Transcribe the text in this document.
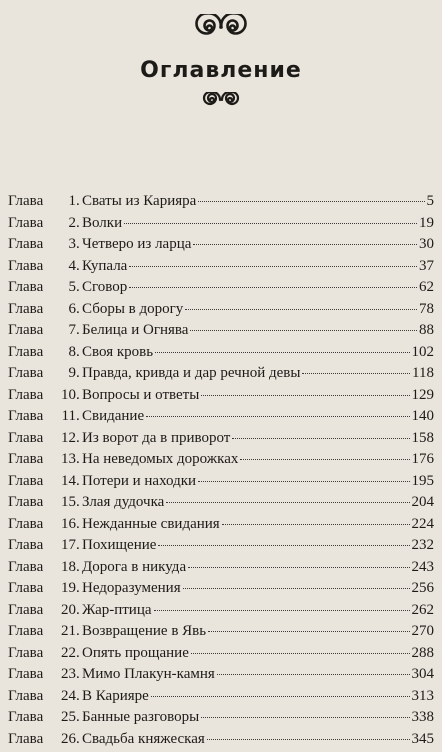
Оглавление
Глава	1 . Сваты из Карияра	5
Глава	2 . Волки	19
Глава	3 . Четверо из ларца	30
Глава	4 . Купала	37
Глава	5 . Сговор	62
Глава	6 . Сборы в дорогу	78
Глава	7 . Белица и Огнява	88
Глава	8 . Своя кровь	102
Глава	9 . Правда, кривда и дар речной девы	118
Глава	10 . Вопросы и ответы	129
Глава	11 . Свидание	140
Глава	12 . Из ворот да в приворот	158
Глава	13 . На неведомых дорожках	176
Глава	14 . Потери и находки	195
Глава	15 . Злая дудочка	204
Глава	16 . Нежданные свидания	224
Глава	17 . Похищение	232
Глава	18 . Дорога в никуда	243
Глава	19 . Недоразумения	256
Глава	20 . Жар-птица	262
Глава	21 . Возвращение в Явь	270
Глава	22 . Опять прощание	288
Глава	23 . Мимо Плакун-камня	304
Глава	24 . В Карияре	313
Глава	25 . Банные разговоры	338
Глава	26 . Свадьба княжеская	345
